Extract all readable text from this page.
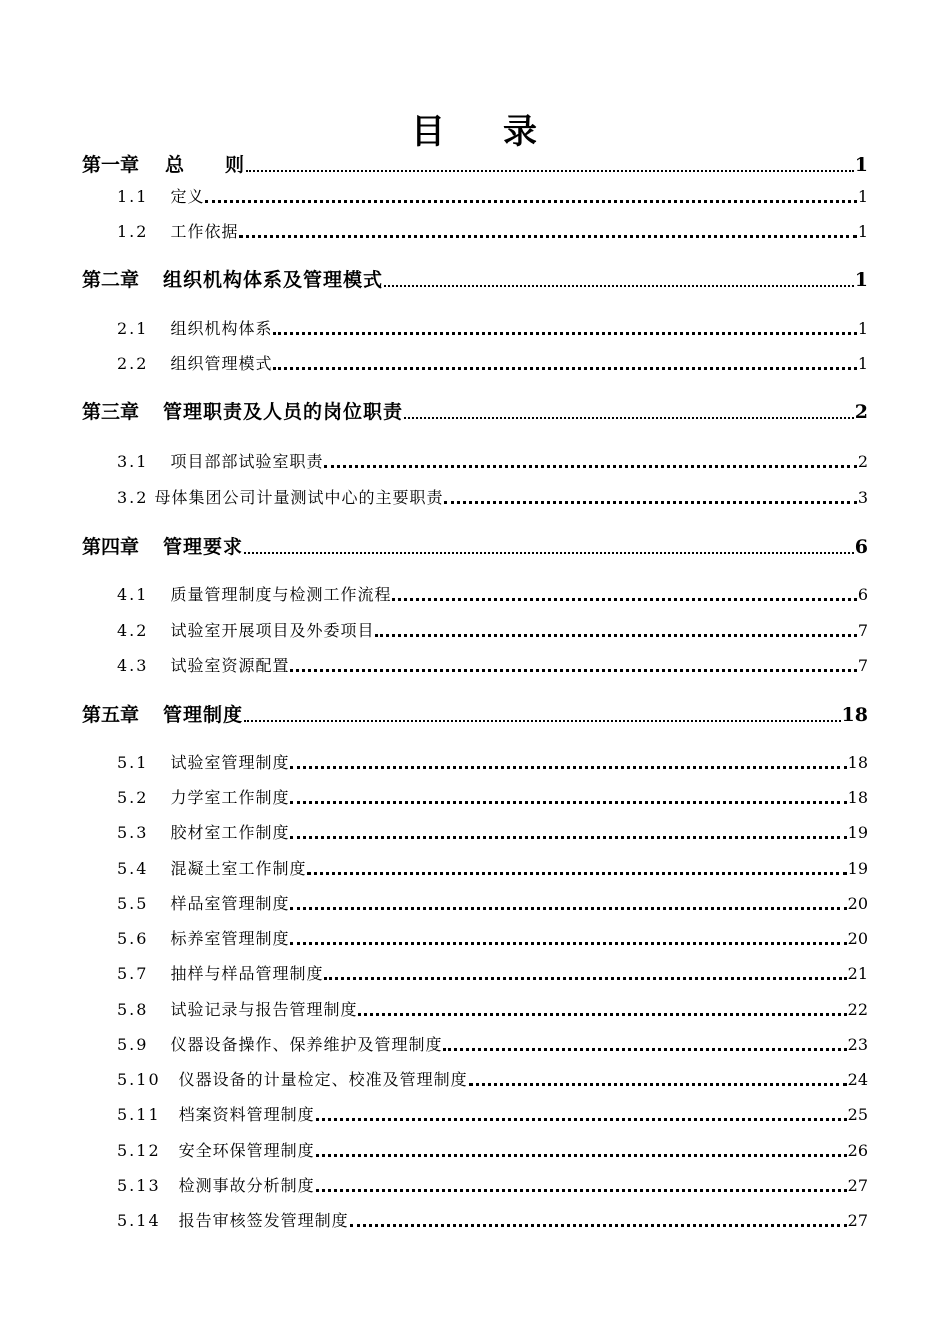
目 录
第一章 总　　则	1
1.1 定义	1
1.2 工作依据	1
第二章 组织机构体系及管理模式	1
2.1 组织机构体系	1
2.2 组织管理模式	1
第三章 管理职责及人员的岗位职责	2
3.1 项目部部试验室职责	2
3.2 母体集团公司计量测试中心的主要职责	3
第四章 管理要求	6
4.1 质量管理制度与检测工作流程	6
4.2 试验室开展项目及外委项目	7
4.3 试验室资源配置	7
第五章 管理制度	18
5.1 试验室管理制度	18
5.2 力学室工作制度	18
5.3 胶材室工作制度	19
5.4 混凝土室工作制度	19
5.5 样品室管理制度	20
5.6 标养室管理制度	20
5.7 抽样与样品管理制度	21
5.8 试验记录与报告管理制度	22
5.9 仪器设备操作、保养维护及管理制度	23
5.10 仪器设备的计量检定、校准及管理制度	24
5.11 档案资料管理制度	25
5.12 安全环保管理制度	26
5.13 检测事故分析制度	27
5.14 报告审核签发管理制度	27
